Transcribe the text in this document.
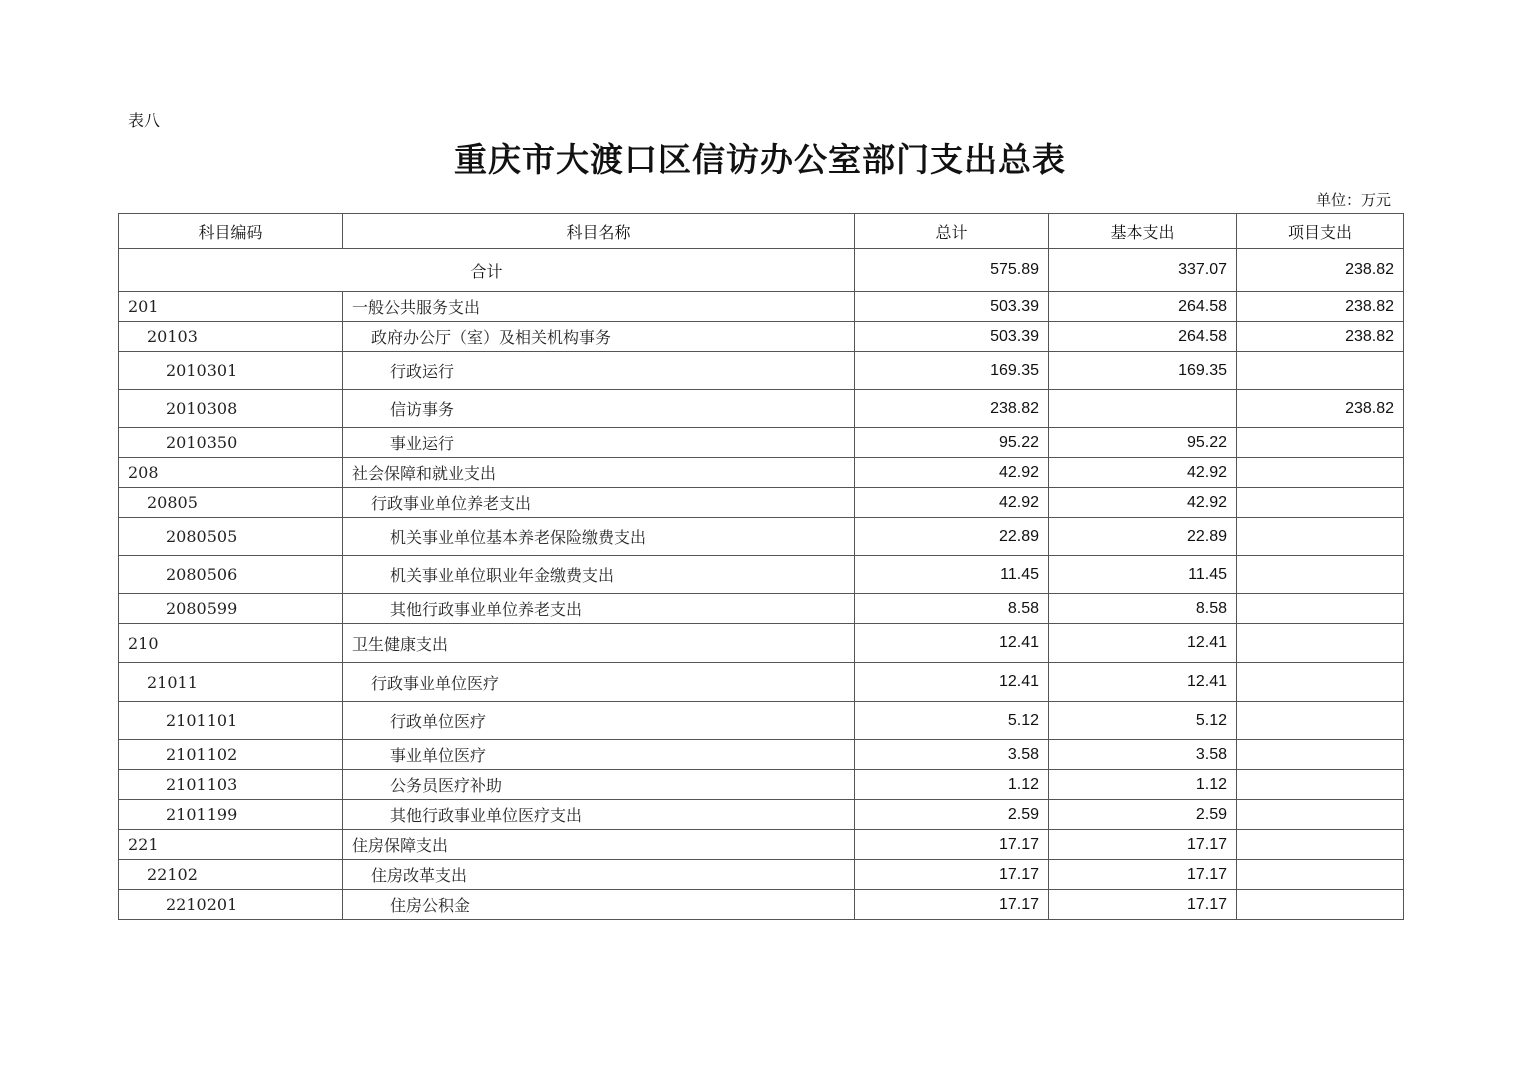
表八
重庆市大渡口区信访办公室部门支出总表
单位：万元
科目编码	科目名称	总计	基本支出	项目支出
合计		575.89	337.07	238.82
201	一般公共服务支出	503.39	264.58	238.82
20103	政府办公厅（室）及相关机构事务	503.39	264.58	238.82
2010301	行政运行	169.35	169.35	
2010308	信访事务	238.82		238.82
2010350	事业运行	95.22	95.22	
208	社会保障和就业支出	42.92	42.92	
20805	行政事业单位养老支出	42.92	42.92	
2080505	机关事业单位基本养老保险缴费支出	22.89	22.89	
2080506	机关事业单位职业年金缴费支出	11.45	11.45	
2080599	其他行政事业单位养老支出	8.58	8.58	
210	卫生健康支出	12.41	12.41	
21011	行政事业单位医疗	12.41	12.41	
2101101	行政单位医疗	5.12	5.12	
2101102	事业单位医疗	3.58	3.58	
2101103	公务员医疗补助	1.12	1.12	
2101199	其他行政事业单位医疗支出	2.59	2.59	
221	住房保障支出	17.17	17.17	
22102	住房改革支出	17.17	17.17	
2210201	住房公积金	17.17	17.17	
